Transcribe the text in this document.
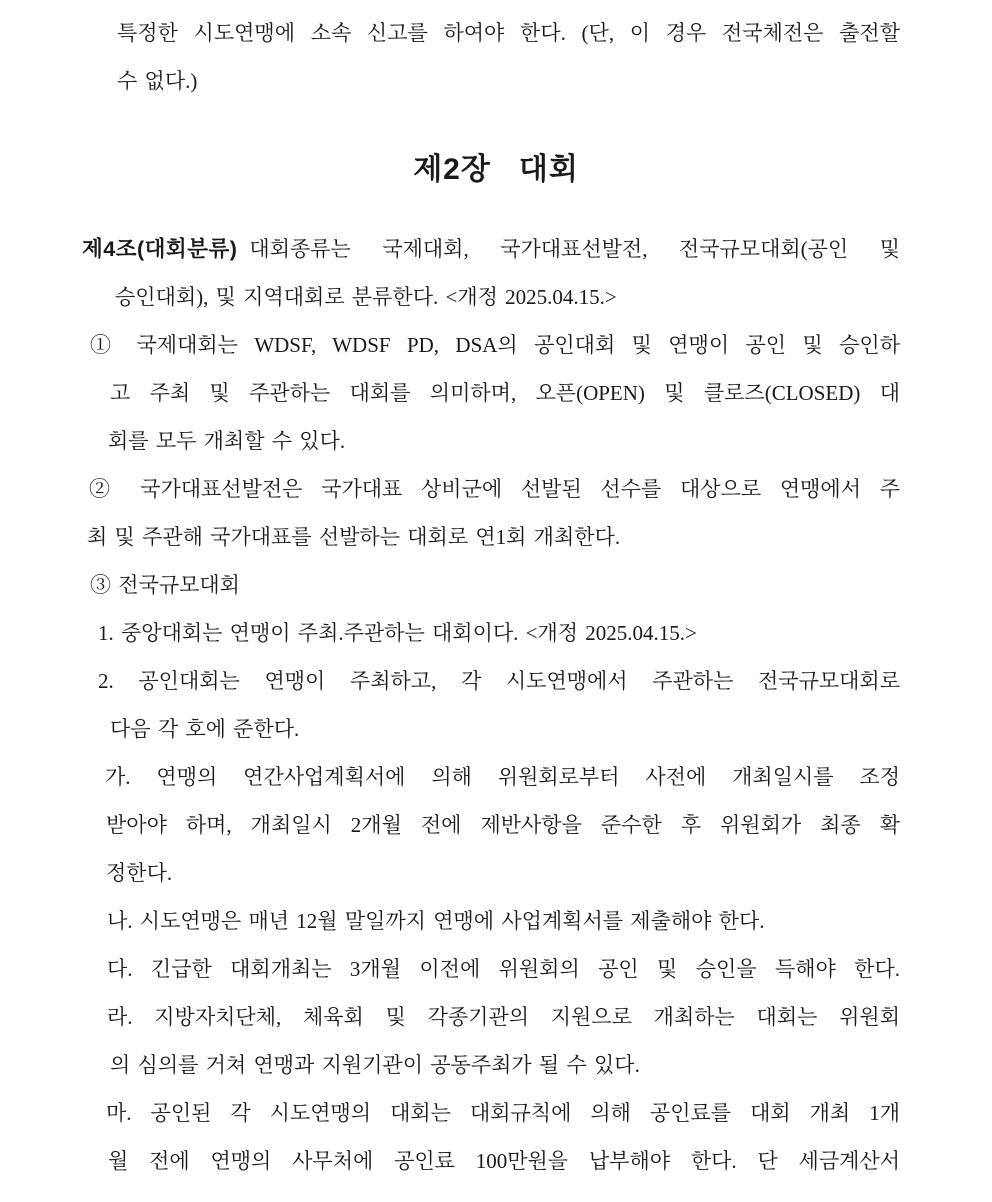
특정한 시도연맹에 소속 신고를 하여야 한다. (단, 이 경우 전국체전은 출전할
수 없다.)
제2장   대회
제4조(대회분류) 대회종류는 국제대회, 국가대표선발전, 전국규모대회(공인 및
승인대회), 및 지역대회로 분류한다. <개정 2025.04.15.>
① 국제대회는 WDSF, WDSF PD, DSA의 공인대회 및 연맹이 공인 및 승인하
고 주최 및 주관하는 대회를 의미하며, 오픈(OPEN) 및 클로즈(CLOSED) 대
회를 모두 개최할 수 있다.
② 국가대표선발전은 국가대표 상비군에 선발된 선수를 대상으로 연맹에서 주
최 및 주관해 국가대표를 선발하는 대회로 연1회 개최한다.
③ 전국규모대회
1. 중앙대회는 연맹이 주최.주관하는 대회이다. <개정 2025.04.15.>
2. 공인대회는 연맹이 주최하고, 각 시도연맹에서 주관하는 전국규모대회로
다음 각 호에 준한다.
가. 연맹의 연간사업계획서에 의해 위원회로부터 사전에 개최일시를 조정
받아야 하며, 개최일시 2개월 전에 제반사항을 준수한 후 위원회가 최종 확
정한다.
나. 시도연맹은 매년 12월 말일까지 연맹에 사업계획서를 제출해야 한다.
다. 긴급한 대회개최는 3개월 이전에 위원회의 공인 및 승인을 득해야 한다.
라. 지방자치단체, 체육회 및 각종기관의 지원으로 개최하는 대회는 위원회
의 심의를 거쳐 연맹과 지원기관이 공동주최가 될 수 있다.
마. 공인된 각 시도연맹의 대회는 대회규칙에 의해 공인료를 대회 개최 1개
월 전에 연맹의 사무처에 공인료 100만원을 납부해야 한다. 단 세금계산서
